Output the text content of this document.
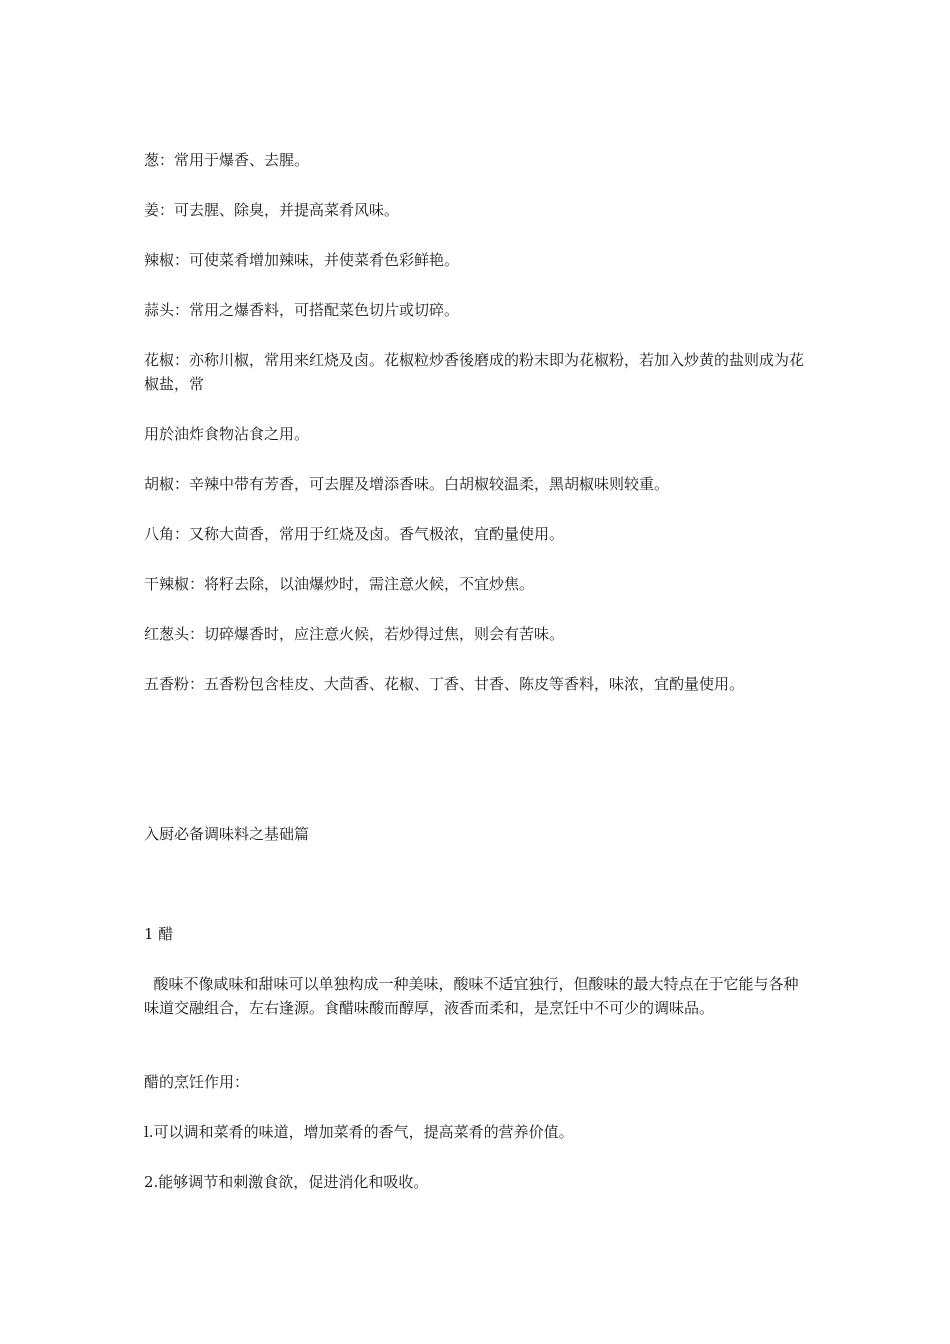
葱：常用于爆香、去腥。

姜：可去腥、除臭，并提高菜肴风味。

辣椒：可使菜肴增加辣味，并使菜肴色彩鲜艳。

蒜头：常用之爆香料，可搭配菜色切片或切碎。

花椒：亦称川椒，常用来红烧及卤。花椒粒炒香後磨成的粉末即为花椒粉，若加入炒黄的盐则成为花椒盐，常

用於油炸食物沾食之用。

胡椒：辛辣中带有芳香，可去腥及增添香味。白胡椒较温柔，黑胡椒味则较重。

八角：又称大茴香，常用于红烧及卤。香气极浓，宜酌量使用。

干辣椒：将籽去除，以油爆炒时，需注意火候，不宜炒焦。

红葱头：切碎爆香时，应注意火候，若炒得过焦，则会有苦味。

五香粉：五香粉包含桂皮、大茴香、花椒、丁香、甘香、陈皮等香料，味浓，宜酌量使用。

入厨必备调味料之基础篇

1 醋

酸味不像咸味和甜味可以单独构成一种美味，酸味不适宜独行，但酸味的最大特点在于它能与各种味道交融组合，左右逢源。食醋味酸而醇厚，液香而柔和，是烹饪中不可少的调味品。

醋的烹饪作用：

l.可以调和菜肴的味道，增加菜肴的香气，提高菜肴的营养价值。

2.能够调节和刺激食欲，促进消化和吸收。
